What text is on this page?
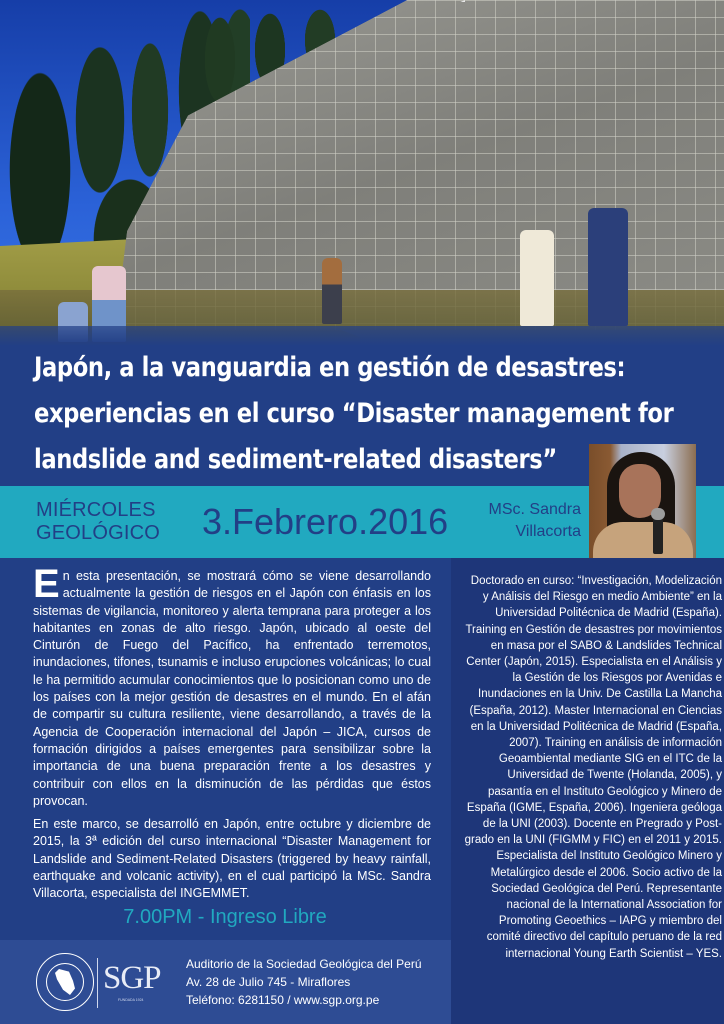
Japón, a la vanguardia en gestión de desastres:
experiencias en el curso “Disaster management for
landslide and sediment-related disasters”
MIÉRCOLES
GEOLÓGICO 3.Febrero.2016	MSc. Sandra
Villacorta

En esta presentación, se mostrará cómo se viene desarrollando actualmente la gestión de riesgos en el Japón con énfasis en los sistemas de vigilancia, monitoreo y alerta temprana para proteger a los habitantes en zonas de alto riesgo. Japón, ubicado al oeste del Cinturón de Fuego del Pacífico, ha enfrentado terremotos, inundaciones, tifones, tsunamis e incluso erupciones volcánicas; lo cual le ha permitido acumular conocimientos que lo posicionan como uno de los países con la mejor gestión de desastres en el mundo. En el afán de compartir su cultura resiliente, viene desarrollando, a través de la Agencia de Cooperación internacional del Japón – JICA, cursos de formación dirigidos a países emergentes para sensibilizar sobre la importancia de una buena preparación frente a los desastres y contribuir con ellos en la disminución de las pérdidas que éstos provocan.

En este marco, se desarrolló en Japón, entre octubre y diciembre de 2015, la 3ª edición del curso internacional “Disaster Management for Landslide and Sediment-Related Disasters (triggered by heavy rainfall, earthquake and volcanic activity), en el cual participó la MSc. Sandra Villacorta, especialista del INGEMMET.

7.00PM - Ingreso Libre
SGP
FUNDADA 1924
Auditorio de la Sociedad Geológica del Perú
Av. 28 de Julio 745 - Miraflores
Teléfono: 6281150 / www.sgp.org.pe
Doctorado en curso: “Investigación, Modelización y Análisis del Riesgo en medio Ambiente” en la Universidad Politécnica de Madrid (España). Training en Gestión de desastres por movimientos en masa por el SABO & Landslides Technical Center (Japón, 2015). Especialista en el Análisis y la Gestión de los Riesgos por Avenidas e Inundaciones en la Univ. De Castilla La Mancha (España, 2012). Master Internacional en Ciencias en la Universidad Politécnica de Madrid (España, 2007). Training en análisis de información Geoambiental mediante SIG en el ITC de la Universidad de Twente (Holanda, 2005), y pasantía en el Instituto Geológico y Minero de España (IGME, España, 2006). Ingeniera geóloga de la UNI (2003). Docente en Pregrado y Post-grado en la UNI (FIGMM y FIC) en el 2011 y 2015. Especialista del Instituto Geológico Minero y Metalúrgico desde el 2006. Socio activo de la Sociedad Geológica del Perú. Representante nacional de la International Association for Promoting Geoethics – IAPG y miembro del comité directivo del capítulo peruano de la red internacional Young Earth Scientist – YES.
